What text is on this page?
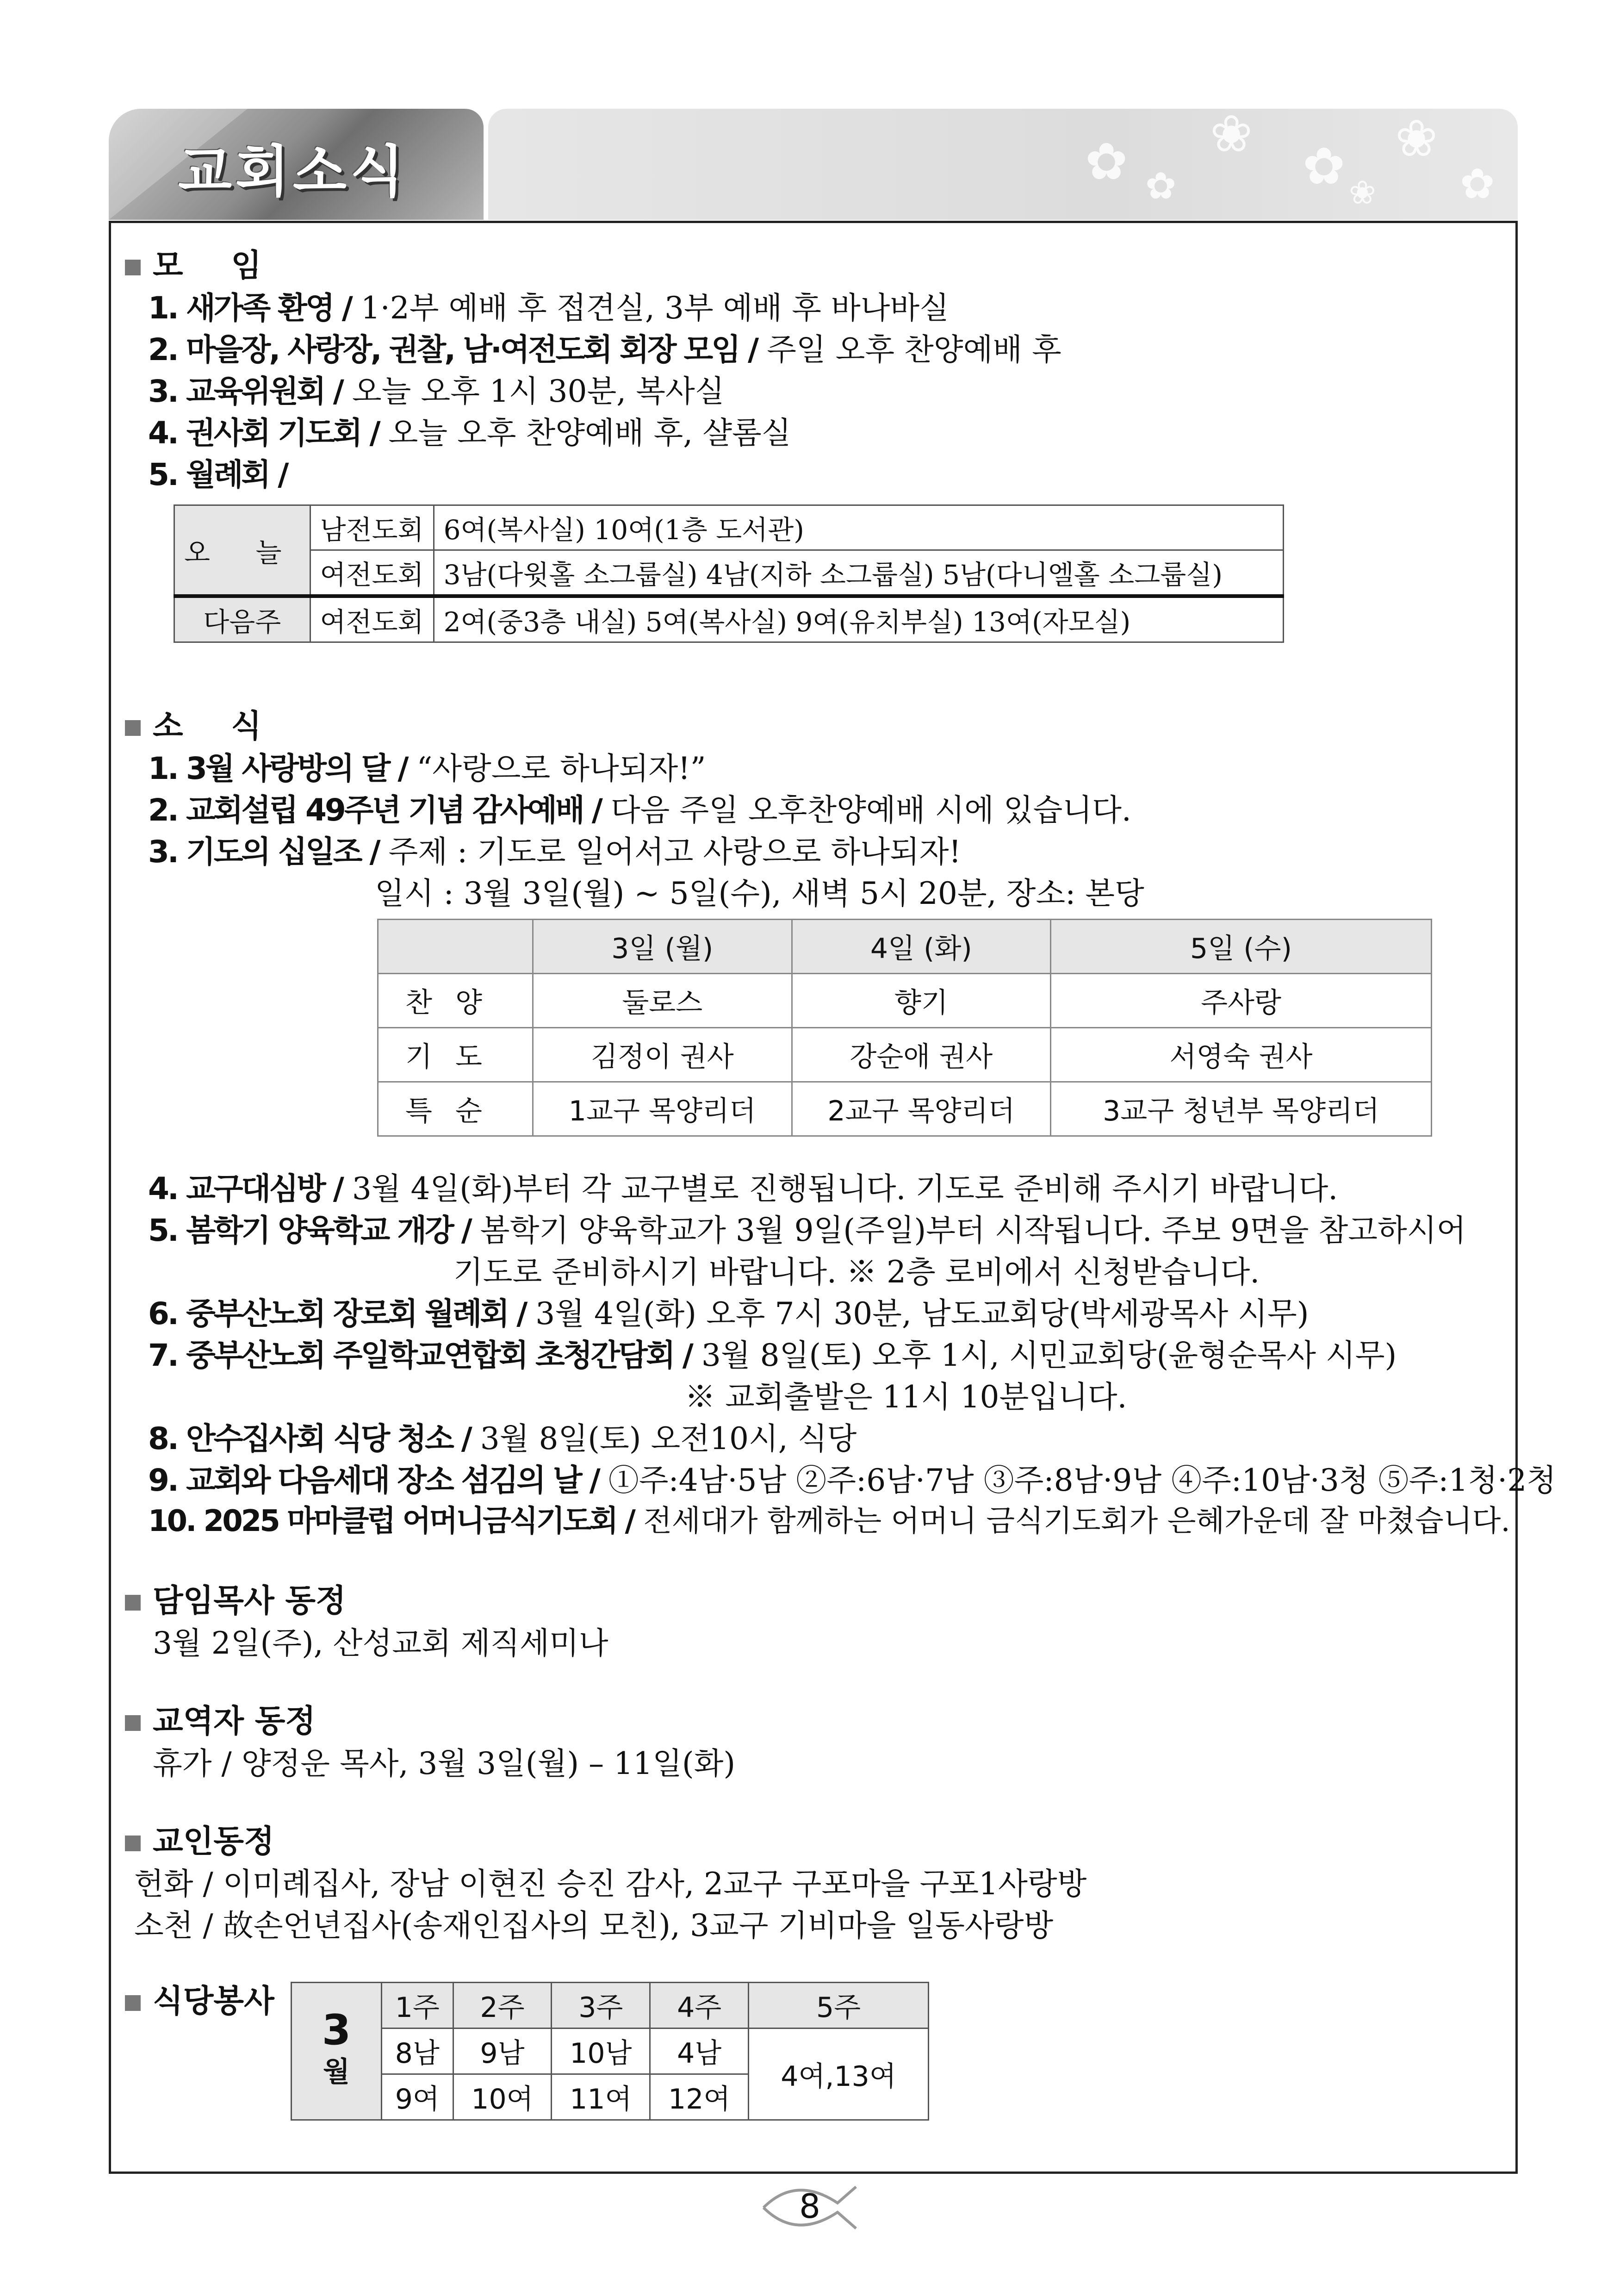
교회소식	✿ ❀
✿ ❀
✿	❀ ✿
모 임
1. 새가족 환영 / 1·2부 예배 후 접견실, 3부 예배 후 바나바실
2. 마을장, 사랑장, 권찰, 남·여전도회 회장 모임 / 주일 오후 찬양예배 후
3. 교육위원회 / 오늘 오후 1시 30분, 복사실
4. 권사회 기도회 / 오늘 오후 찬양예배 후, 샬롬실
5. 월례회 /
오 늘	남전도회	6여(복사실) 10여(1층 도서관)
	여전도회	3남(다윗홀 소그룹실) 4남(지하 소그룹실) 5남(다니엘홀 소그룹실)
다음주	여전도회	2여(중3층 내실) 5여(복사실) 9여(유치부실) 13여(자모실)
소 식
1. 3월 사랑방의 달 / “사랑으로 하나되자!”
2. 교회설립 49주년 기념 감사예배 / 다음 주일 오후찬양예배 시에 있습니다.
3. 기도의 십일조 / 주제 : 기도로 일어서고 사랑으로 하나되자!
일시 : 3월 3일(월) ~ 5일(수), 새벽 5시 20분, 장소: 본당
	3일 (월)	4일 (화)	5일 (수)
찬양	둘로스	향기	주사랑
기도	김정이 권사	강순애 권사	서영숙 권사
특순	1교구 목양리더	2교구 목양리더	3교구 청년부 목양리더
4. 교구대심방 / 3월 4일(화)부터 각 교구별로 진행됩니다. 기도로 준비해 주시기 바랍니다.
5. 봄학기 양육학교 개강 / 봄학기 양육학교가 3월 9일(주일)부터 시작됩니다. 주보 9면을 참고하시어
기도로 준비하시기 바랍니다. ※ 2층 로비에서 신청받습니다.
6. 중부산노회 장로회 월례회 / 3월 4일(화) 오후 7시 30분, 남도교회당(박세광목사 시무)
7. 중부산노회 주일학교연합회 초청간담회 / 3월 8일(토) 오후 1시, 시민교회당(윤형순목사 시무)
※ 교회출발은 11시 10분입니다.
8. 안수집사회 식당 청소 / 3월 8일(토) 오전10시, 식당
9. 교회와 다음세대 장소 섬김의 날 / ①주:4남·5남 ②주:6남·7남 ③주:8남·9남 ④주:10남·3청 ⑤주:1청·2청
10. 2025 마마클럽 어머니금식기도회 / 전세대가 함께하는 어머니 금식기도회가 은혜가운데 잘 마쳤습니다.
담임목사 동정
3월 2일(주), 산성교회 제직세미나
교역자 동정
휴가 / 양정운 목사, 3월 3일(월) – 11일(화)
교인동정
헌화 / 이미례집사, 장남 이현진 승진 감사, 2교구 구포마을 구포1사랑방
소천 / 故손언년집사(송재인집사의 모친), 3교구 기비마을 일동사랑방
식당봉사
3
월	1주	2주	3주	4주	5주
	8남	9남	10남	4남	4여,13여
	9여	10여	11여	12여	
8
